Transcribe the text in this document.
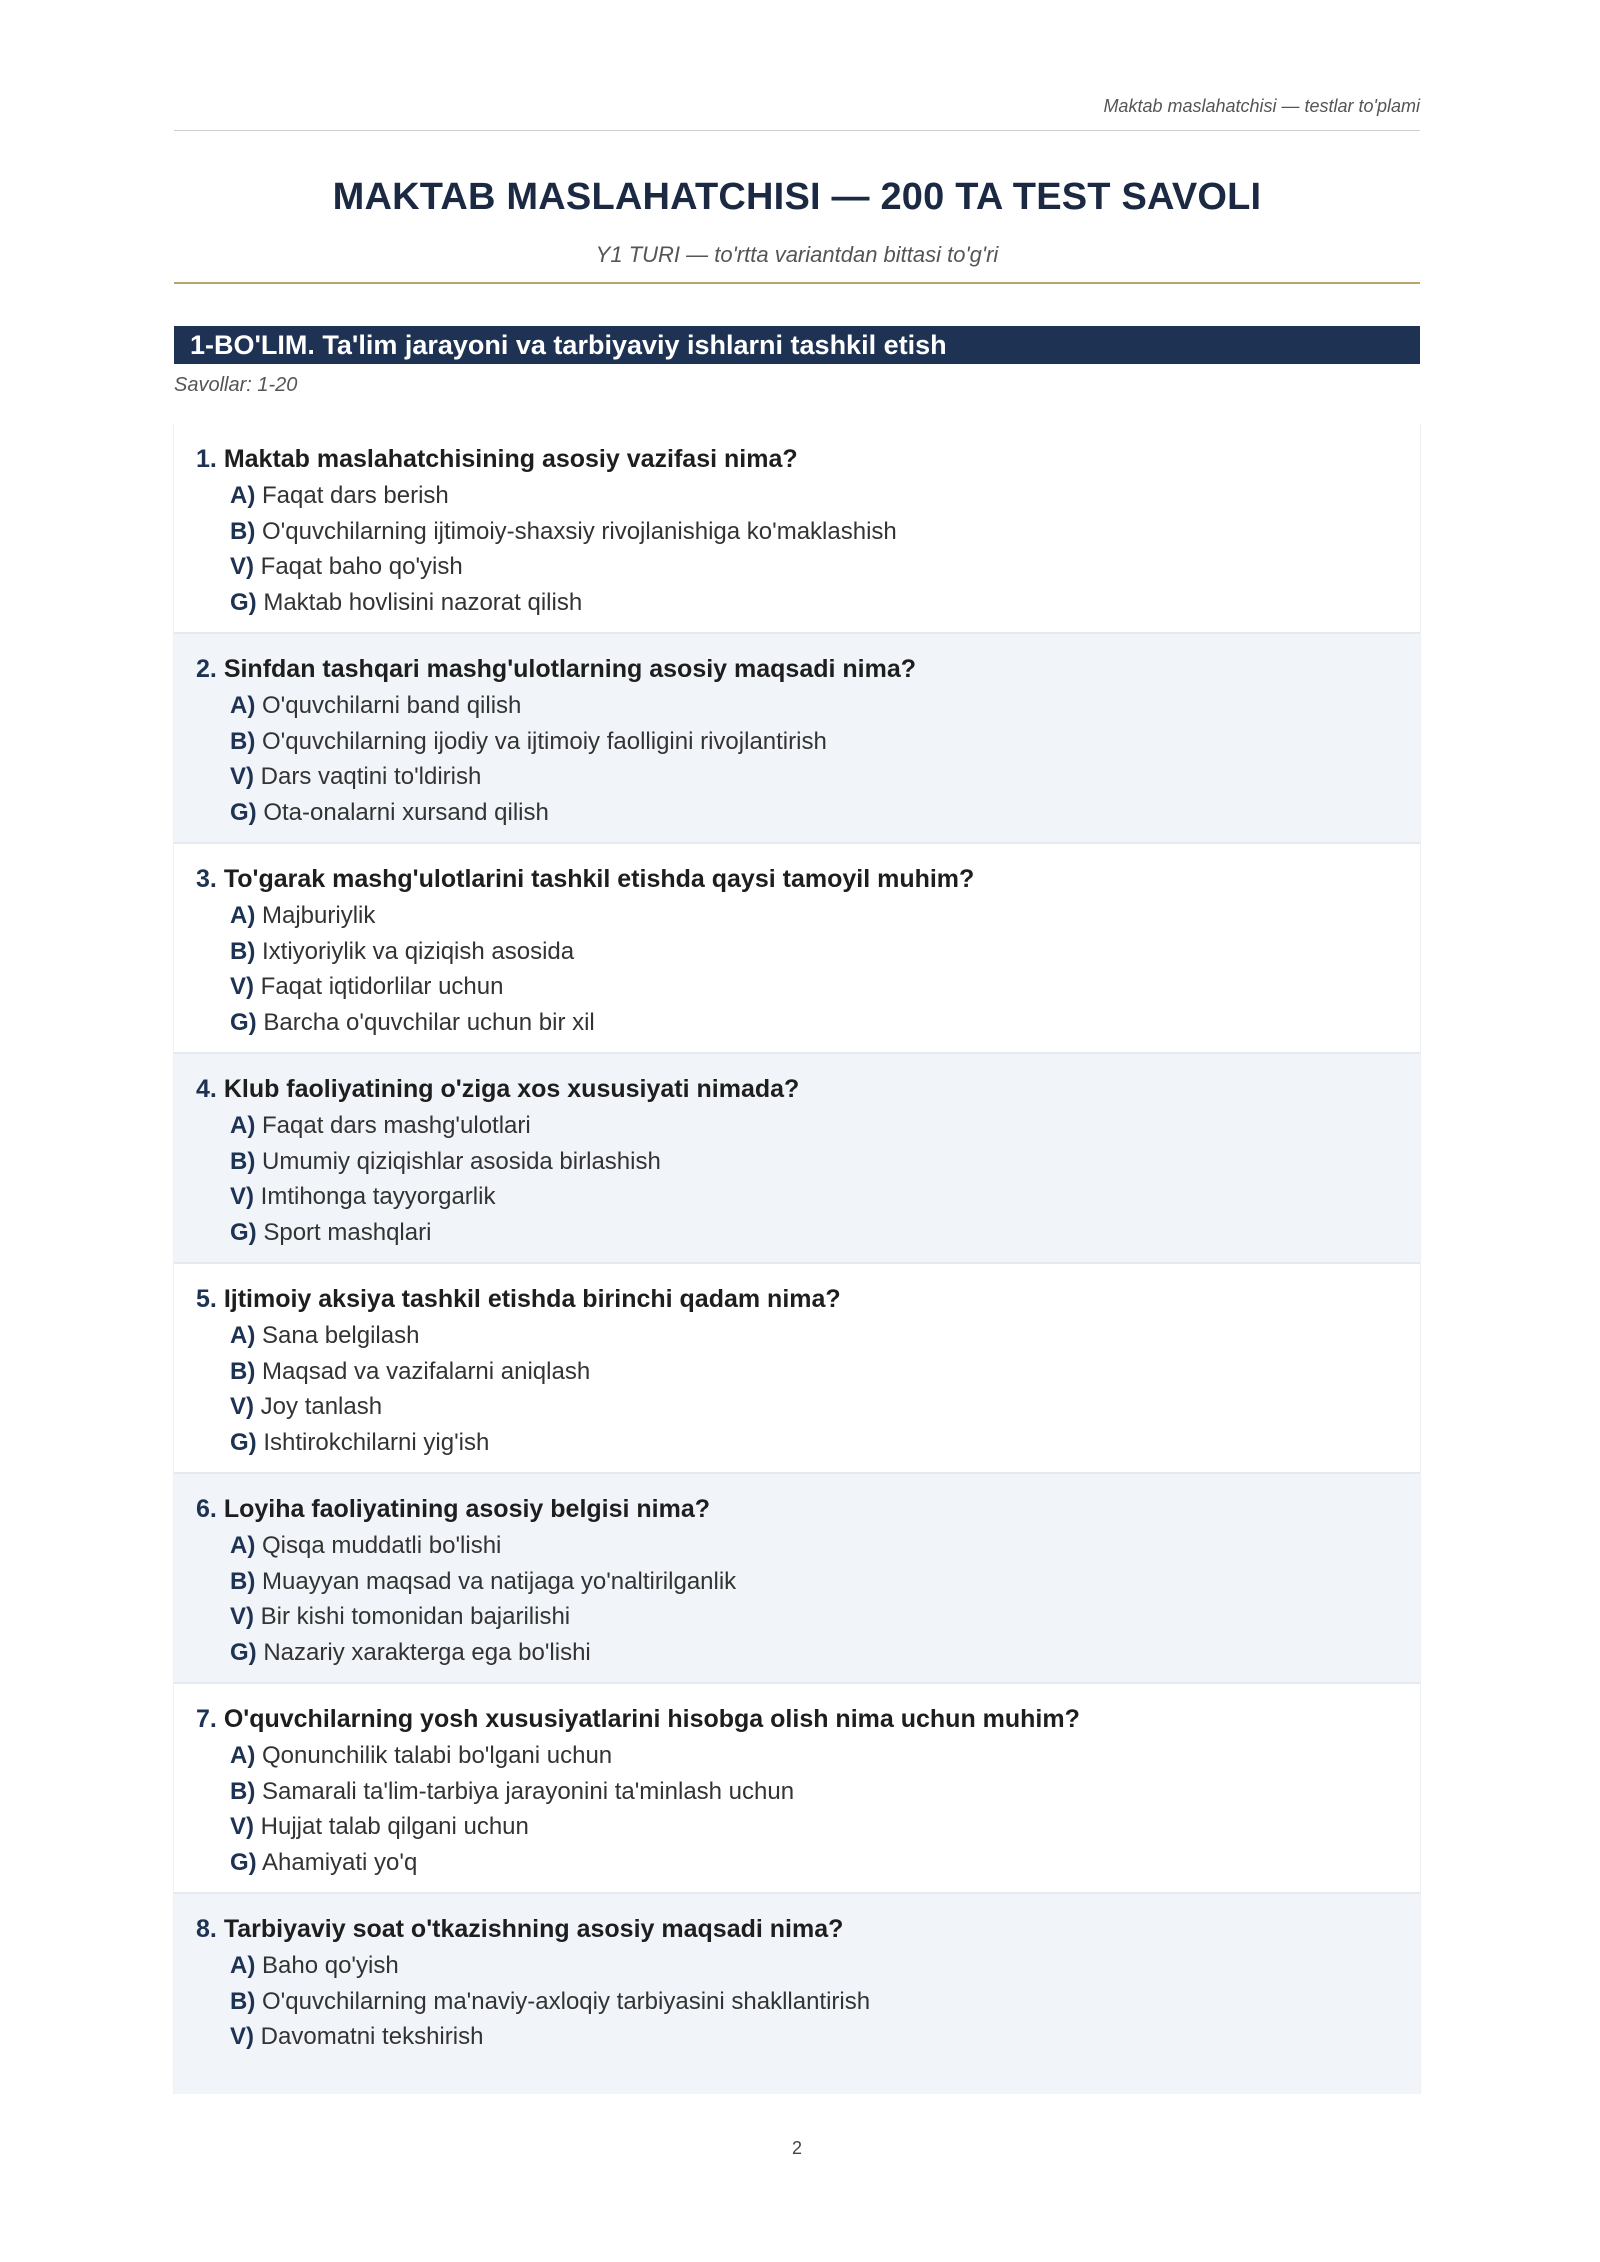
Maktab maslahatchisi — testlar to'plami
MAKTAB MASLAHATCHISI — 200 TA TEST SAVOLI
Y1 TURI — to'rtta variantdan bittasi to'g'ri
1-BO'LIM. Ta'lim jarayoni va tarbiyaviy ishlarni tashkil etish
Savollar: 1-20
1. Maktab maslahatchisining asosiy vazifasi nima?
A) Faqat dars berish
B) O'quvchilarning ijtimoiy-shaxsiy rivojlanishiga ko'maklashish
V) Faqat baho qo'yish
G) Maktab hovlisini nazorat qilish
2. Sinfdan tashqari mashg'ulotlarning asosiy maqsadi nima?
A) O'quvchilarni band qilish
B) O'quvchilarning ijodiy va ijtimoiy faolligini rivojlantirish
V) Dars vaqtini to'ldirish
G) Ota-onalarni xursand qilish
3. To'garak mashg'ulotlarini tashkil etishda qaysi tamoyil muhim?
A) Majburiylik
B) Ixtiyoriylik va qiziqish asosida
V) Faqat iqtidorlilar uchun
G) Barcha o'quvchilar uchun bir xil
4. Klub faoliyatining o'ziga xos xususiyati nimada?
A) Faqat dars mashg'ulotlari
B) Umumiy qiziqishlar asosida birlashish
V) Imtihonga tayyorgarlik
G) Sport mashqlari
5. Ijtimoiy aksiya tashkil etishda birinchi qadam nima?
A) Sana belgilash
B) Maqsad va vazifalarni aniqlash
V) Joy tanlash
G) Ishtirokchilarni yig'ish
6. Loyiha faoliyatining asosiy belgisi nima?
A) Qisqa muddatli bo'lishi
B) Muayyan maqsad va natijaga yo'naltirilganlik
V) Bir kishi tomonidan bajarilishi
G) Nazariy xarakterga ega bo'lishi
7. O'quvchilarning yosh xususiyatlarini hisobga olish nima uchun muhim?
A) Qonunchilik talabi bo'lgani uchun
B) Samarali ta'lim-tarbiya jarayonini ta'minlash uchun
V) Hujjat talab qilgani uchun
G) Ahamiyati yo'q
8. Tarbiyaviy soat o'tkazishning asosiy maqsadi nima?
A) Baho qo'yish
B) O'quvchilarning ma'naviy-axloqiy tarbiyasini shakllantirish
V) Davomatni tekshirish
2
